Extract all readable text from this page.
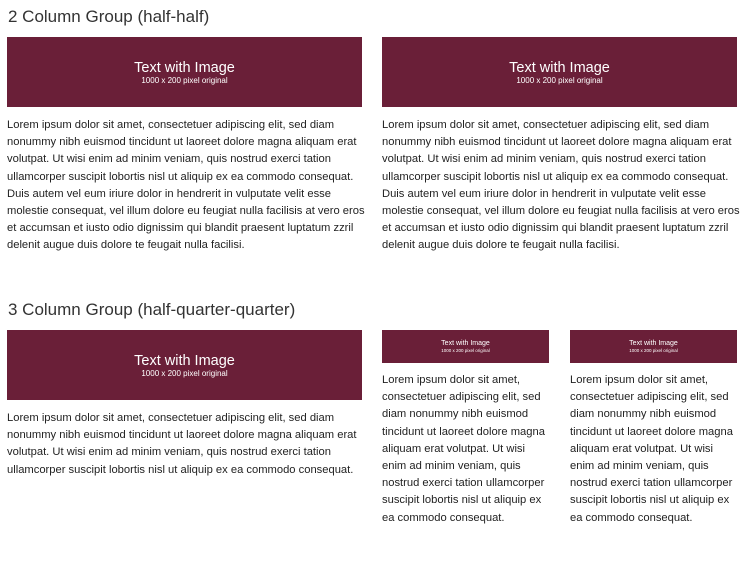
2 Column Group (half-half)
Text with Image
1000 x 200 pixel original

Lorem ipsum dolor sit amet, consectetuer adipiscing elit, sed diam nonummy nibh euismod tincidunt ut laoreet dolore magna aliquam erat volutpat. Ut wisi enim ad minim veniam, quis nostrud exerci tation ullamcorper suscipit lobortis nisl ut aliquip ex ea commodo consequat. Duis autem vel eum iriure dolor in hendrerit in vulputate velit esse molestie consequat, vel illum dolore eu feugiat nulla facilisis at vero eros et accumsan et iusto odio dignissim qui blandit praesent luptatum zzril delenit augue duis dolore te feugait nulla facilisi.

Text with Image
1000 x 200 pixel original

Lorem ipsum dolor sit amet, consectetuer adipiscing elit, sed diam nonummy nibh euismod tincidunt ut laoreet dolore magna aliquam erat volutpat. Ut wisi enim ad minim veniam, quis nostrud exerci tation ullamcorper suscipit lobortis nisl ut aliquip ex ea commodo consequat. Duis autem vel eum iriure dolor in hendrerit in vulputate velit esse molestie consequat, vel illum dolore eu feugiat nulla facilisis at vero eros et accumsan et iusto odio dignissim qui blandit praesent luptatum zzril delenit augue duis dolore te feugait nulla facilisi.

3 Column Group (half-quarter-quarter)
Text with Image
1000 x 200 pixel original

Lorem ipsum dolor sit amet, consectetuer adipiscing elit, sed diam nonummy nibh euismod tincidunt ut laoreet dolore magna aliquam erat volutpat. Ut wisi enim ad minim veniam, quis nostrud exerci tation ullamcorper suscipit lobortis nisl ut aliquip ex ea commodo consequat.

Text with Image
1000 x 200 pixel original

Lorem ipsum dolor sit amet, consectetuer adipiscing elit, sed diam nonummy nibh euismod tincidunt ut laoreet dolore magna aliquam erat volutpat. Ut wisi enim ad minim veniam, quis nostrud exerci tation ullamcorper suscipit lobortis nisl ut aliquip ex ea commodo consequat.

Text with Image
1000 x 200 pixel original

Lorem ipsum dolor sit amet, consectetuer adipiscing elit, sed diam nonummy nibh euismod tincidunt ut laoreet dolore magna aliquam erat volutpat. Ut wisi enim ad minim veniam, quis nostrud exerci tation ullamcorper suscipit lobortis nisl ut aliquip ex ea commodo consequat.
